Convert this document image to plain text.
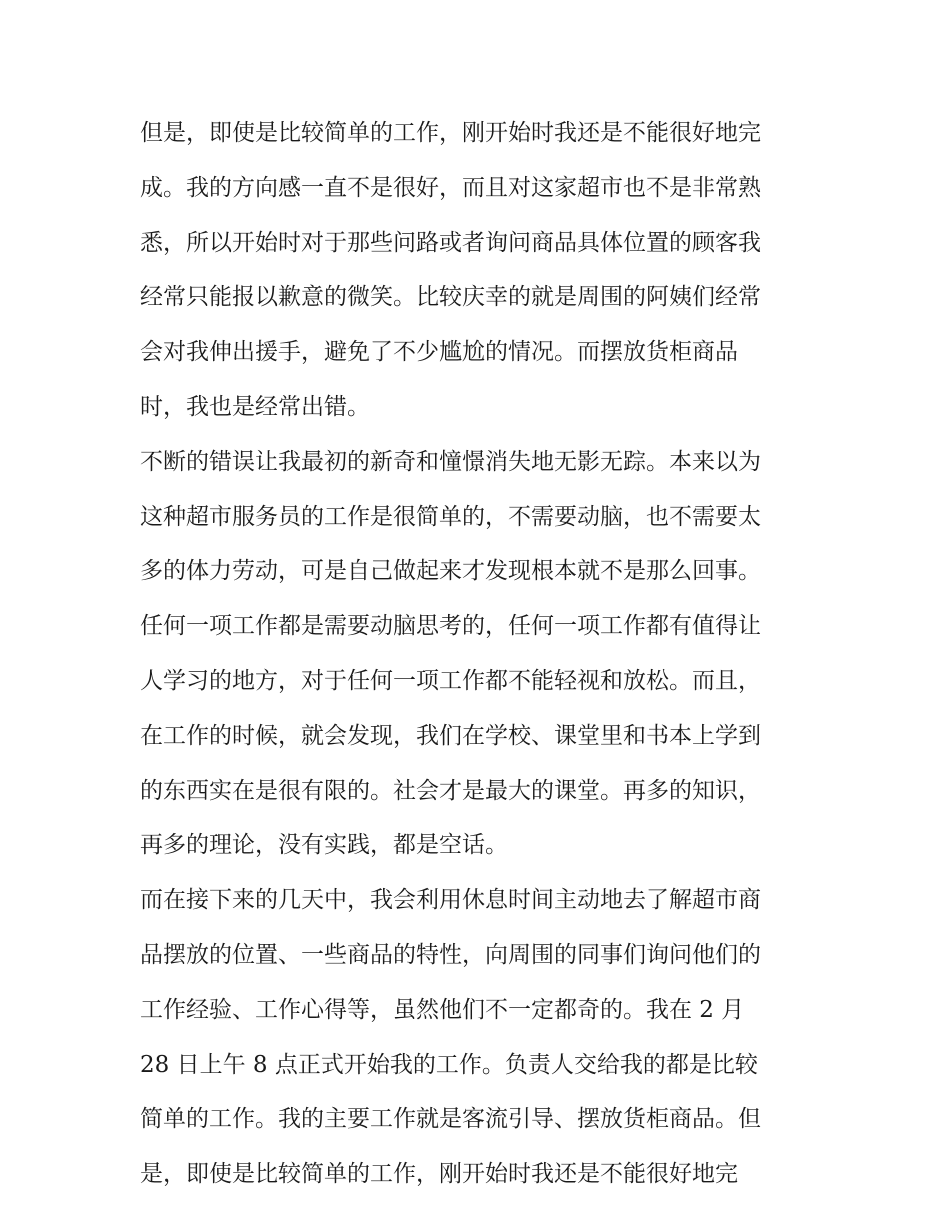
但是，即使是比较简单的工作，刚开始时我还是不能很好地完
成。我的方向感一直不是很好，而且对这家超市也不是非常熟
悉，所以开始时对于那些问路或者询问商品具体位置的顾客我
经常只能报以歉意的微笑。比较庆幸的就是周围的阿姨们经常
会对我伸出援手，避免了不少尴尬的情况。而摆放货柜商品
时，我也是经常出错。
不断的错误让我最初的新奇和憧憬消失地无影无踪。本来以为
这种超市服务员的工作是很简单的，不需要动脑，也不需要太
多的体力劳动，可是自己做起来才发现根本就不是那么回事。
任何一项工作都是需要动脑思考的，任何一项工作都有值得让
人学习的地方，对于任何一项工作都不能轻视和放松。而且，
在工作的时候，就会发现，我们在学校、课堂里和书本上学到
的东西实在是很有限的。社会才是最大的课堂。再多的知识，
再多的理论，没有实践，都是空话。
而在接下来的几天中，我会利用休息时间主动地去了解超市商
品摆放的位置、一些商品的特性，向周围的同事们询问他们的
工作经验、工作心得等，虽然他们不一定都奇的。我在 2 月
28 日上午 8 点正式开始我的工作。负责人交给我的都是比较
简单的工作。我的主要工作就是客流引导、摆放货柜商品。但
是，即使是比较简单的工作，刚开始时我还是不能很好地完
